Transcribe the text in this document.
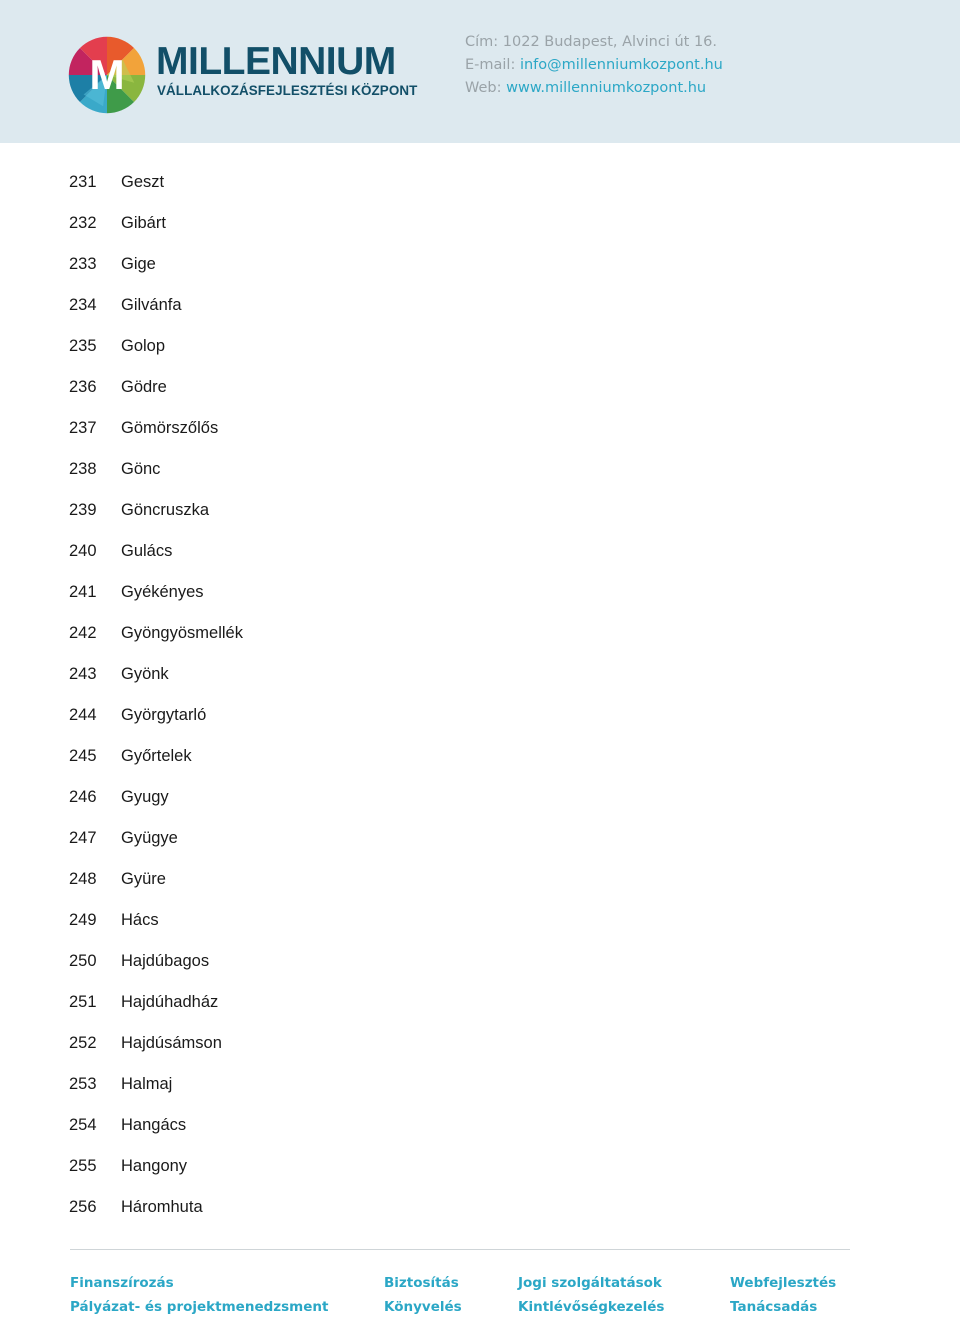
M MILLENNIUM
VÁLLALKOZÁSFEJLESZTÉSI KÖZPONT
Cím: 1022 Budapest, Alvinci út 16.
E-mail: info@millenniumkozpont.hu
Web: www.millenniumkozpont.hu
231 Geszt
232 Gibárt
233 Gige
234 Gilvánfa
235 Golop
236 Gödre
237 Gömörszőlős
238 Gönc
239 Göncruszka
240 Gulács
241 Gyékényes
242 Gyöngyösmellék
243 Gyönk
244 Györgytarló
245 Győrtelek
246 Gyugy
247 Gyügye
248 Gyüre
249 Hács
250 Hajdúbagos
251 Hajdúhadház
252 Hajdúsámson
253 Halmaj
254 Hangács
255 Hangony
256 Háromhuta
Finanszírozás
Pályázat- és projektmenedzsment
Biztosítás
Könyvelés
Jogi szolgáltatások
Kintlévőségkezelés
Webfejlesztés
Tanácsadás
